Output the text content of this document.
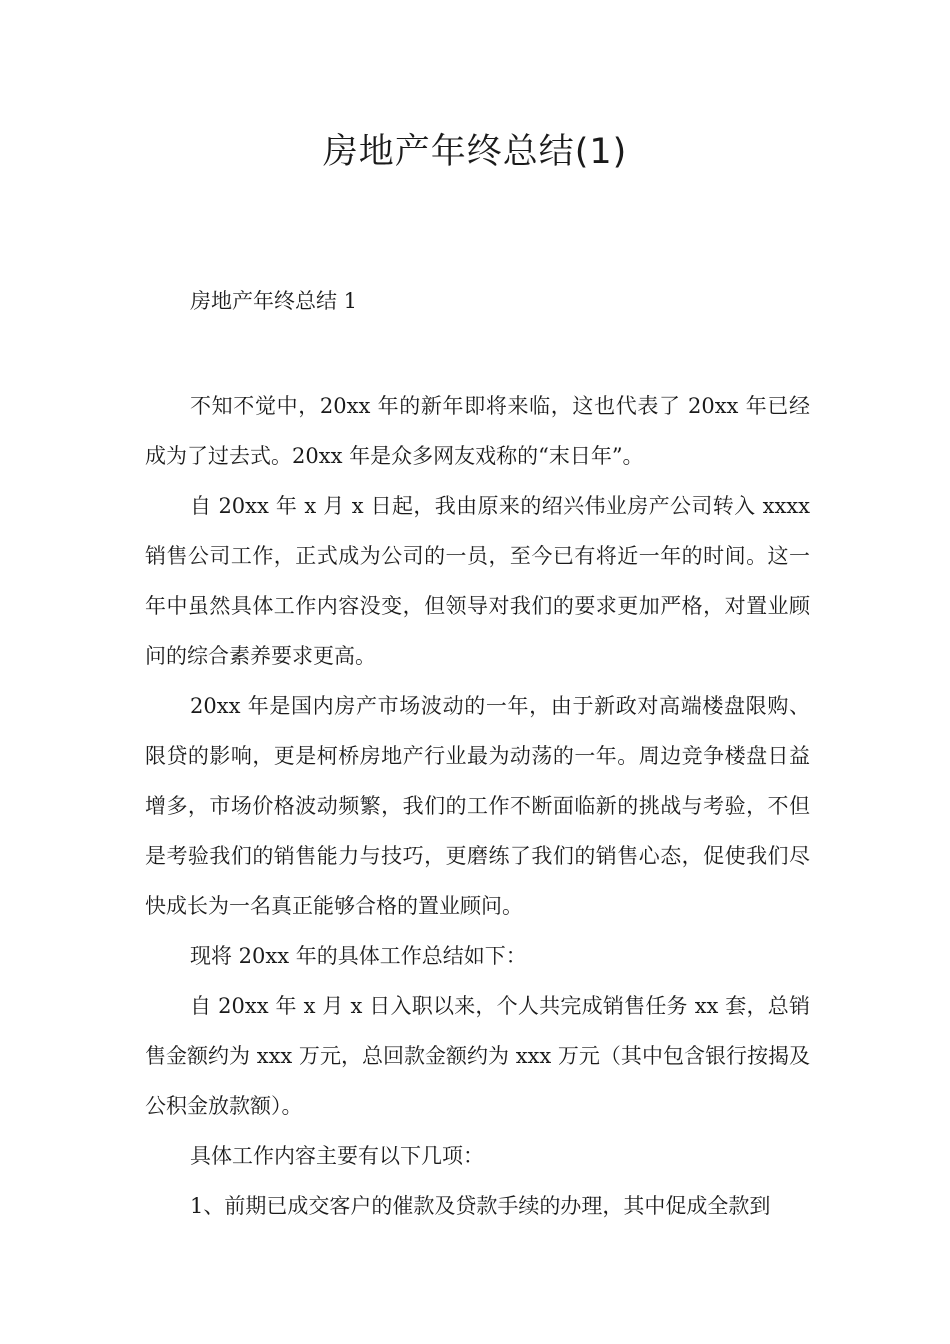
房地产年终总结(1)
房地产年终总结 1

不知不觉中，20xx 年的新年即将来临，这也代表了 20xx 年已经成为了过去式。20xx 年是众多网友戏称的“末日年”。

自 20xx 年 x 月 x 日起，我由原来的绍兴伟业房产公司转入 xxxx 销售公司工作，正式成为公司的一员，至今已有将近一年的时间。这一年中虽然具体工作内容没变，但领导对我们的要求更加严格，对置业顾问的综合素养要求更高。

20xx 年是国内房产市场波动的一年，由于新政对高端楼盘限购、限贷的影响，更是柯桥房地产行业最为动荡的一年。周边竞争楼盘日益增多，市场价格波动频繁，我们的工作不断面临新的挑战与考验，不但是考验我们的销售能力与技巧，更磨练了我们的销售心态，促使我们尽快成长为一名真正能够合格的置业顾问。

现将 20xx 年的具体工作总结如下：

自 20xx 年 x 月 x 日入职以来，个人共完成销售任务 xx 套，总销售金额约为 xxx 万元，总回款金额约为 xxx 万元（其中包含银行按揭及公积金放款额）。

具体工作内容主要有以下几项：

1、前期已成交客户的催款及贷款手续的办理，其中促成全款到
